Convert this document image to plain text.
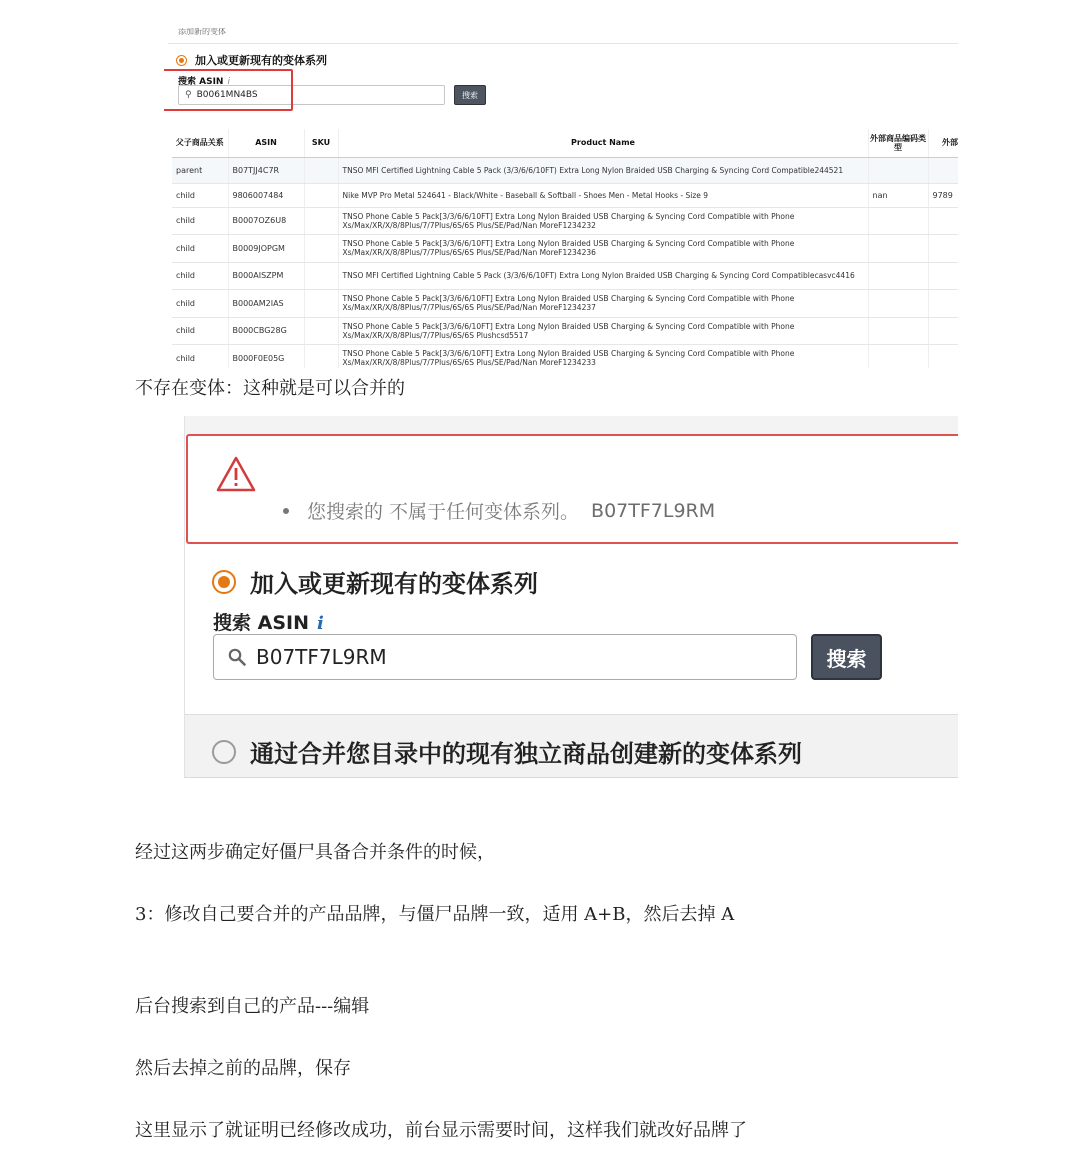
添加新的变体
加入或更新现有的变体系列
搜索 ASIN i
⚲ B0061MN4BS	搜索
父子商品关系	ASIN	SKU	Product Name	外部商品编码类型	外部
parent	B07TJJ4C7R		TNSO MFI Certified Lightning Cable 5 Pack (3/3/6/6/10FT) Extra Long Nylon Braided USB Charging & Syncing Cord Compatible244521		
child	9806007484		Nike MVP Pro Metal 524641 - Black/White - Baseball & Softball - Shoes Men - Metal Hooks - Size 9	nan	9789
child	B0007OZ6U8		TNSO Phone Cable 5 Pack[3/3/6/6/10FT] Extra Long Nylon Braided USB Charging & Syncing Cord Compatible with Phone Xs/Max/XR/X/8/8Plus/7/7Plus/6S/6S Plus/SE/Pad/Nan MoreF1234232		
child	B0009JOPGM		TNSO Phone Cable 5 Pack[3/3/6/6/10FT] Extra Long Nylon Braided USB Charging & Syncing Cord Compatible with Phone Xs/Max/XR/X/8/8Plus/7/7Plus/6S/6S Plus/SE/Pad/Nan MoreF1234236		
child	B000AISZPM		TNSO MFI Certified Lightning Cable 5 Pack (3/3/6/6/10FT) Extra Long Nylon Braided USB Charging & Syncing Cord Compatiblecasvc4416		
child	B000AM2IAS		TNSO Phone Cable 5 Pack[3/3/6/6/10FT] Extra Long Nylon Braided USB Charging & Syncing Cord Compatible with Phone Xs/Max/XR/X/8/8Plus/7/7Plus/6S/6S Plus/SE/Pad/Nan MoreF1234237		
child	B000CBG28G		TNSO Phone Cable 5 Pack[3/3/6/6/10FT] Extra Long Nylon Braided USB Charging & Syncing Cord Compatible with Phone Xs/Max/XR/X/8/8Plus/7/7Plus/6S/6S Plushcsd5517		
child	B000F0E05G		TNSO Phone Cable 5 Pack[3/3/6/6/10FT] Extra Long Nylon Braided USB Charging & Syncing Cord Compatible with Phone Xs/Max/XR/X/8/8Plus/7/7Plus/6S/6S Plus/SE/Pad/Nan MoreF1234233		
不存在变体：这种就是可以合并的
您搜索的 不属于任何变体系列。 B07TF7L9RM
加入或更新现有的变体系列
搜索 ASIN i
B07TF7L9RM	搜索
通过合并您目录中的现有独立商品创建新的变体系列
经过这两步确定好僵尸具备合并条件的时候，
3：修改自己要合并的产品品牌，与僵尸品牌一致，适用 A+B，然后去掉 A
后台搜索到自己的产品---编辑
然后去掉之前的品牌，保存
这里显示了就证明已经修改成功，前台显示需要时间，这样我们就改好品牌了
